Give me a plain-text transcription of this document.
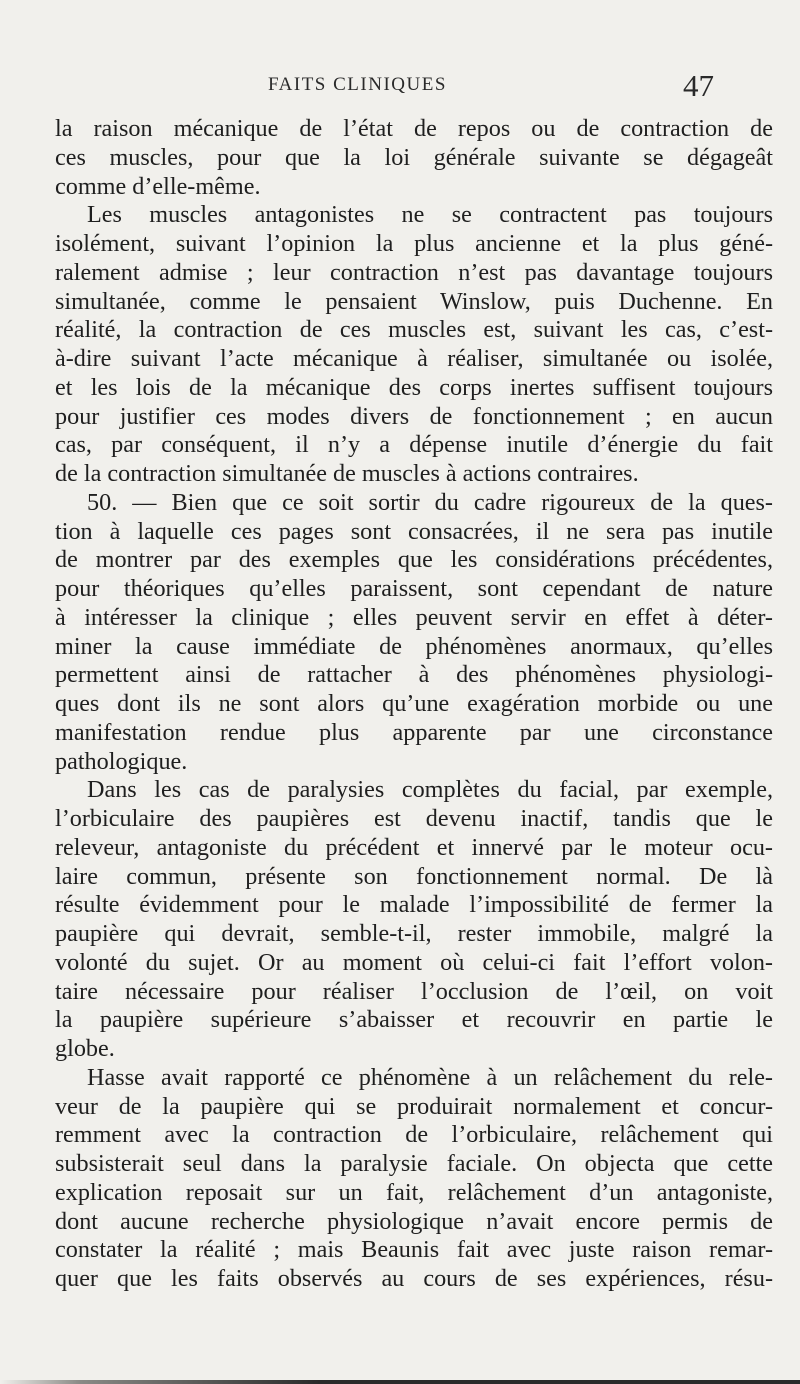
FAITS CLINIQUES	47
la raison mécanique de l’état de repos ou de contraction de
ces muscles, pour que la loi générale suivante se dégageât
comme d’elle-même.
Les muscles antagonistes ne se contractent pas toujours
isolément, suivant l’opinion la plus ancienne et la plus géné-
ralement admise ; leur contraction n’est pas davantage toujours
simultanée, comme le pensaient Winslow, puis Duchenne. En
réalité, la contraction de ces muscles est, suivant les cas, c’est-
à-dire suivant l’acte mécanique à réaliser, simultanée ou isolée,
et les lois de la mécanique des corps inertes suffisent toujours
pour justifier ces modes divers de fonctionnement ; en aucun
cas, par conséquent, il n’y a dépense inutile d’énergie du fait
de la contraction simultanée de muscles à actions contraires.
50. — Bien que ce soit sortir du cadre rigoureux de la ques-
tion à laquelle ces pages sont consacrées, il ne sera pas inutile
de montrer par des exemples que les considérations précédentes,
pour théoriques qu’elles paraissent, sont cependant de nature
à intéresser la clinique ; elles peuvent servir en effet à déter-
miner la cause immédiate de phénomènes anormaux, qu’elles
permettent ainsi de rattacher à des phénomènes physiologi-
ques dont ils ne sont alors qu’une exagération morbide ou une
manifestation rendue plus apparente par une circonstance
pathologique.
Dans les cas de paralysies complètes du facial, par exemple,
l’orbiculaire des paupières est devenu inactif, tandis que le
releveur, antagoniste du précédent et innervé par le moteur ocu-
laire commun, présente son fonctionnement normal. De là
résulte évidemment pour le malade l’impossibilité de fermer la
paupière qui devrait, semble-t-il, rester immobile, malgré la
volonté du sujet. Or au moment où celui-ci fait l’effort volon-
taire nécessaire pour réaliser l’occlusion de l’œil, on voit
la paupière supérieure s’abaisser et recouvrir en partie le
globe.
Hasse avait rapporté ce phénomène à un relâchement du rele-
veur de la paupière qui se produirait normalement et concur-
remment avec la contraction de l’orbiculaire, relâchement qui
subsisterait seul dans la paralysie faciale. On objecta que cette
explication reposait sur un fait, relâchement d’un antagoniste,
dont aucune recherche physiologique n’avait encore permis de
constater la réalité ; mais Beaunis fait avec juste raison remar-
quer que les faits observés au cours de ses expériences, résu-
